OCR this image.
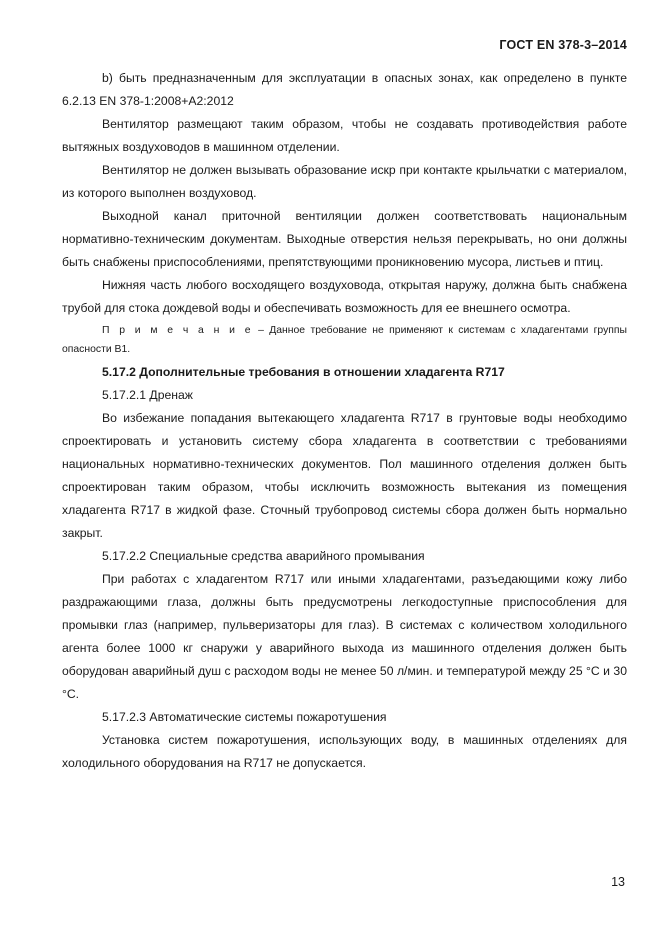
ГОСТ EN 378-3–2014

b) быть предназначенным для эксплуатации в опасных зонах, как определено в пункте 6.2.13 EN 378-1:2008+A2:2012

Вентилятор размещают таким образом, чтобы не создавать противодействия работе вытяжных воздуховодов в машинном отделении.

Вентилятор не должен вызывать образование искр при контакте крыльчатки с материалом, из которого выполнен воздуховод.

Выходной канал приточной вентиляции должен соответствовать национальным нормативно-техническим документам. Выходные отверстия нельзя перекрывать, но они должны быть снабжены приспособлениями, препятствующими проникновению мусора, листьев и птиц.

Нижняя часть любого восходящего воздуховода, открытая наружу, должна быть снабжена трубой для стока дождевой воды и обеспечивать возможность для ее внешнего осмотра.

П р и м е ч а н и е – Данное требование не применяют к системам с хладагентами группы опасности B1.

5.17.2 Дополнительные требования в отношении хладагента R717

5.17.2.1 Дренаж

Во избежание попадания вытекающего хладагента R717 в грунтовые воды необходимо спроектировать и установить систему сбора хладагента в соответствии с требованиями национальных нормативно-технических документов. Пол машинного отделения должен быть спроектирован таким образом, чтобы исключить возможность вытекания из помещения хладагента R717 в жидкой фазе. Сточный трубопровод системы сбора должен быть нормально закрыт.

5.17.2.2 Специальные средства аварийного промывания

При работах с хладагентом R717 или иными хладагентами, разъедающими кожу либо раздражающими глаза, должны быть предусмотрены легкодоступные приспособления для промывки глаз (например, пульверизаторы для глаз). В системах с количеством холодильного агента более 1000 кг снаружи у аварийного выхода из машинного отделения должен быть оборудован аварийный душ с расходом воды не менее 50 л/мин. и температурой между 25 °C и 30 °C.

5.17.2.3 Автоматические системы пожаротушения

Установка систем пожаротушения, использующих воду, в машинных отделениях для холодильного оборудования на R717 не допускается.

13
